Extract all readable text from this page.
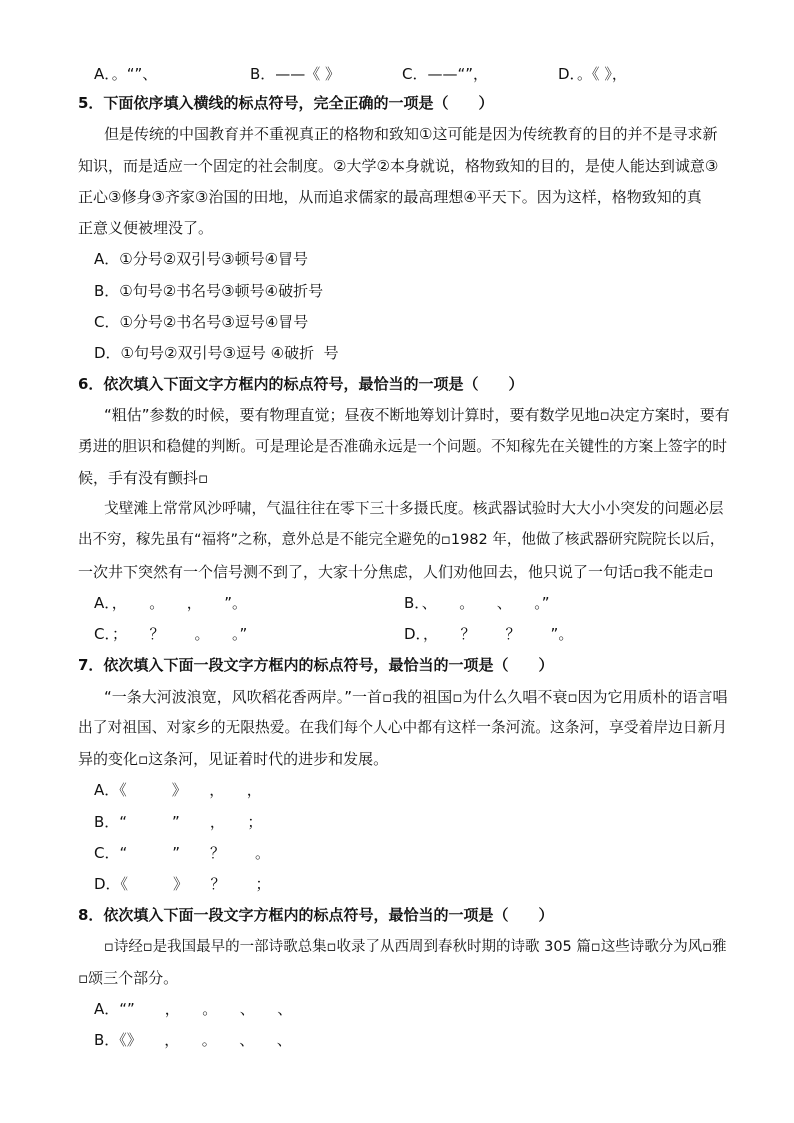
A．。“”、

	B．——《 》

	C．——“”，

	D．。《 》，

5．下面依序填入横线的标点符号，完全正确的一项是（　　）
但是传统的中国教育并不重视真正的格物和致知①这可能是因为传统教育的目的并不是寻求新
知识，而是适应一个固定的社会制度。②大学②本身就说，格物致知的目的，是使人能达到诚意③
正心③修身③齐家③治国的田地，从而追求儒家的最高理想④平天下。因为这样，格物致知的真
正意义便被埋没了。
A．①分号②双引号③顿号④冒号
B．①句号②书名号③顿号④破折号
C．①分号②书名号③逗号④冒号
D．①句号②双引号③逗号 ④破折  号
6．依次填入下面文字方框内的标点符号，最恰当的一项是（　　）
“粗估”参数的时候，要有物理直觉；昼夜不断地筹划计算时，要有数学见地▫决定方案时，要有
勇进的胆识和稳健的判断。可是理论是否准确永远是一个问题。不知稼先在关键性的方案上签字的时
候，手有没有颤抖▫
戈壁滩上常常风沙呼啸，气温往往在零下三十多摄氏度。核武器试验时大大小小突发的问题必层
出不穷，稼先虽有“福将”之称，意外总是不能完全避免的▫1982 年，他做了核武器研究院院长以后，
一次井下突然有一个信号测不到了，大家十分焦虑，人们劝他回去，他只说了一句话▫我不能走▫

A．，　　。　　，　　”。

	B．、　　。　　、　　。”

C．；　　？　　。　　。”

	D．，　　？　　？　　”。

7．依次填入下面一段文字方框内的标点符号，最恰当的一项是（　　）
“一条大河波浪宽，风吹稻花香两岸。”一首▫我的祖国▫为什么久唱不衰▫因为它用质朴的语言唱
出了对祖国、对家乡的无限热爱。在我们每个人心中都有这样一条河流。这条河，享受着岸边日新月
异的变化▫这条河，见证着时代的进步和发展。
A．《　　　》　　，　　，
B．“　　　”　　，　　；
C．“　　　”　　？　　。
D．《　　　》　　？　　；
8．依次填入下面一段文字方框内的标点符号，最恰当的一项是（　　）
▫诗经▫是我国最早的一部诗歌总集▫收录了从西周到春秋时期的诗歌 305 篇▫这些诗歌分为风▫雅
▫颂三个部分。
A．“”　　，　　。　　、　　、
B．《》　　，　　。　　、　　、
